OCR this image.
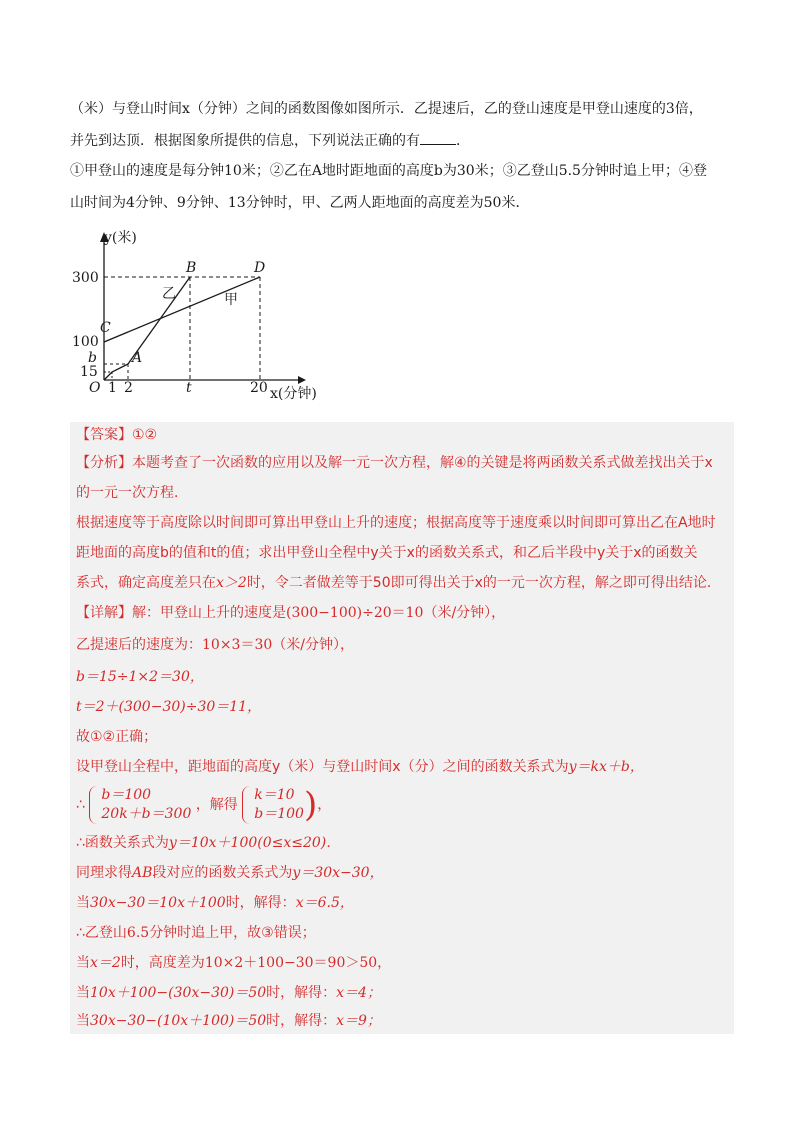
（米）与登山时间x（分钟）之间的函数图像如图所示．乙提速后，乙的登山速度是甲登山速度的3倍，
并先到达顶．根据图象所提供的信息，下列说法正确的有	．
①甲登山的速度是每分钟10米；②乙在A地时距地面的高度b为30米；③乙登山5.5分钟时追上甲；④登
山时间为4分钟、9分钟、13分钟时，甲、乙两人距地面的高度差为50米．
y(米)
x(分钟)
300
100
b
15
O 1 2	t	20
A
B
C
D
乙	甲
【答案】①②
【分析】本题考查了一次函数的应用以及解一元一次方程，解④的关键是将两函数关系式做差找出关于x
的一元一次方程．
根据速度等于高度除以时间即可算出甲登山上升的速度；根据高度等于速度乘以时间即可算出乙在A地时
距地面的高度b的值和t的值；求出甲登山全程中y关于x的函数关系式，和乙后半段中y关于x的函数关
系式，确定高度差只在x＞2时，令二者做差等于50即可得出关于x的一元一次方程，解之即可得出结论．
【详解】解：甲登山上升的速度是(300−100)÷20＝10（米/分钟），
乙提速后的速度为：10×3＝30（米/分钟），
b＝15÷1×2＝30，
t＝2＋(300−30)÷30＝11，
故①②正确；
设甲登山全程中，距地面的高度y（米）与登山时间x（分）之间的函数关系式为y＝kx＋b，
∴
b＝100
20k＋b＝300
，解得
k＝10
b＝100 )，
∴函数关系式为y＝10x＋100(0≤x≤20)．
同理求得AB段对应的函数关系式为y＝30x−30，
当30x−30＝10x＋100时，解得：x＝6.5，
∴乙登山6.5分钟时追上甲，故③错误；
当x＝2时，高度差为10×2＋100−30＝90＞50，
当10x＋100−(30x−30)＝50时，解得：x＝4；
当30x−30−(10x＋100)＝50时，解得：x＝9；
